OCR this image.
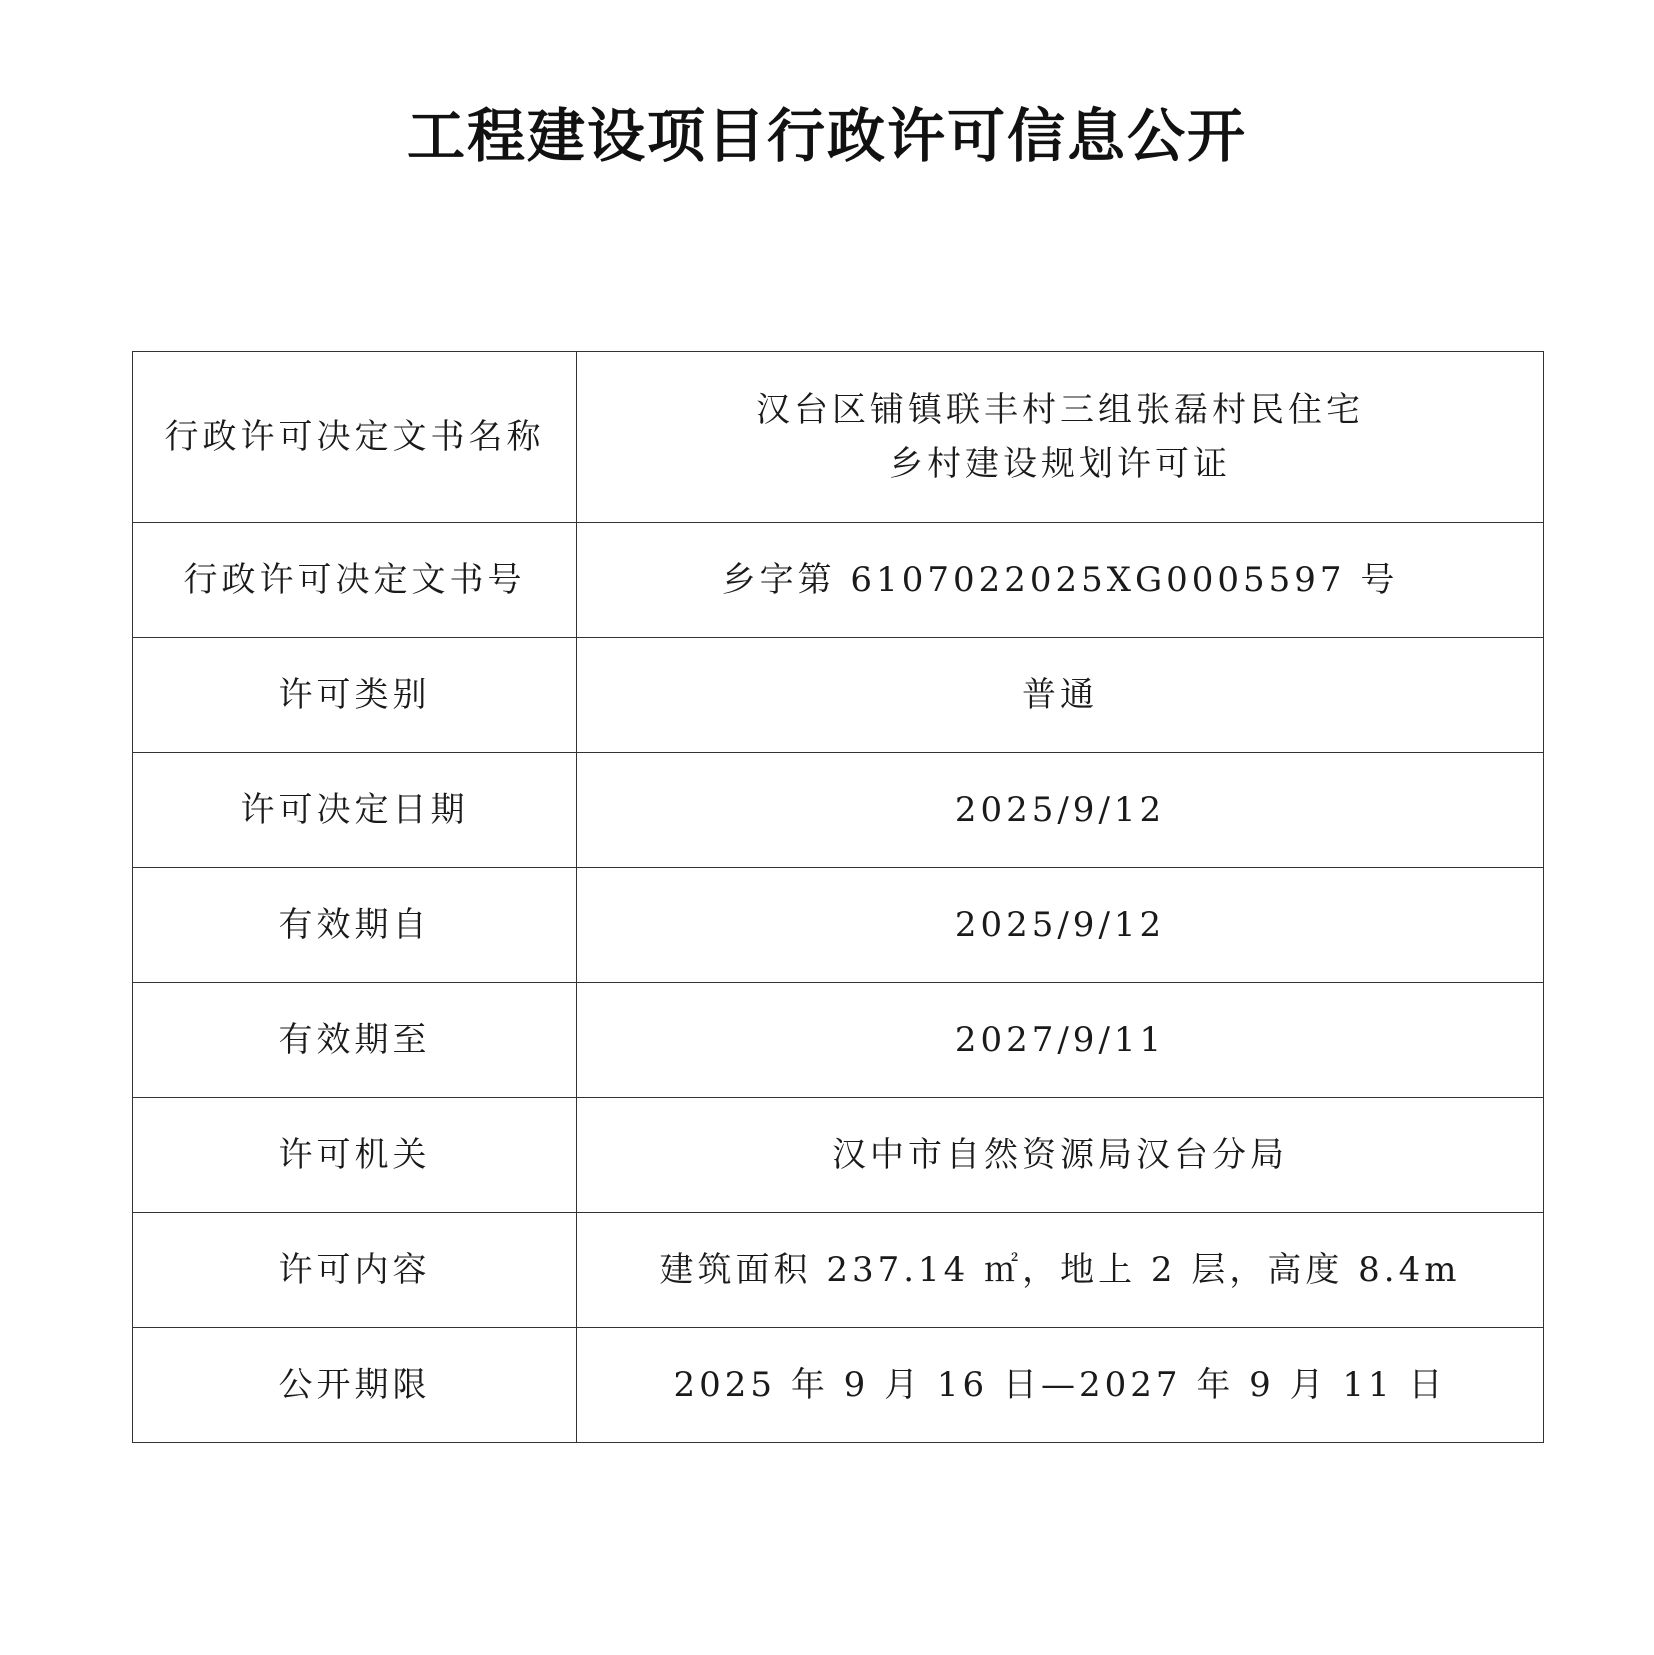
工程建设项目行政许可信息公开
行政许可决定文书名称	汉台区铺镇联丰村三组张磊村民住宅
乡村建设规划许可证

行政许可决定文书号	乡字第 6107022025XG0005597 号
许可类别	普通
许可决定日期	2025/9/12
有效期自	2025/9/12
有效期至	2027/9/11
许可机关	汉中市自然资源局汉台分局
许可内容	建筑面积 237.14 ㎡，地上 2 层，高度 8.4m
公开期限	2025 年 9 月 16 日—2027 年 9 月 11 日
